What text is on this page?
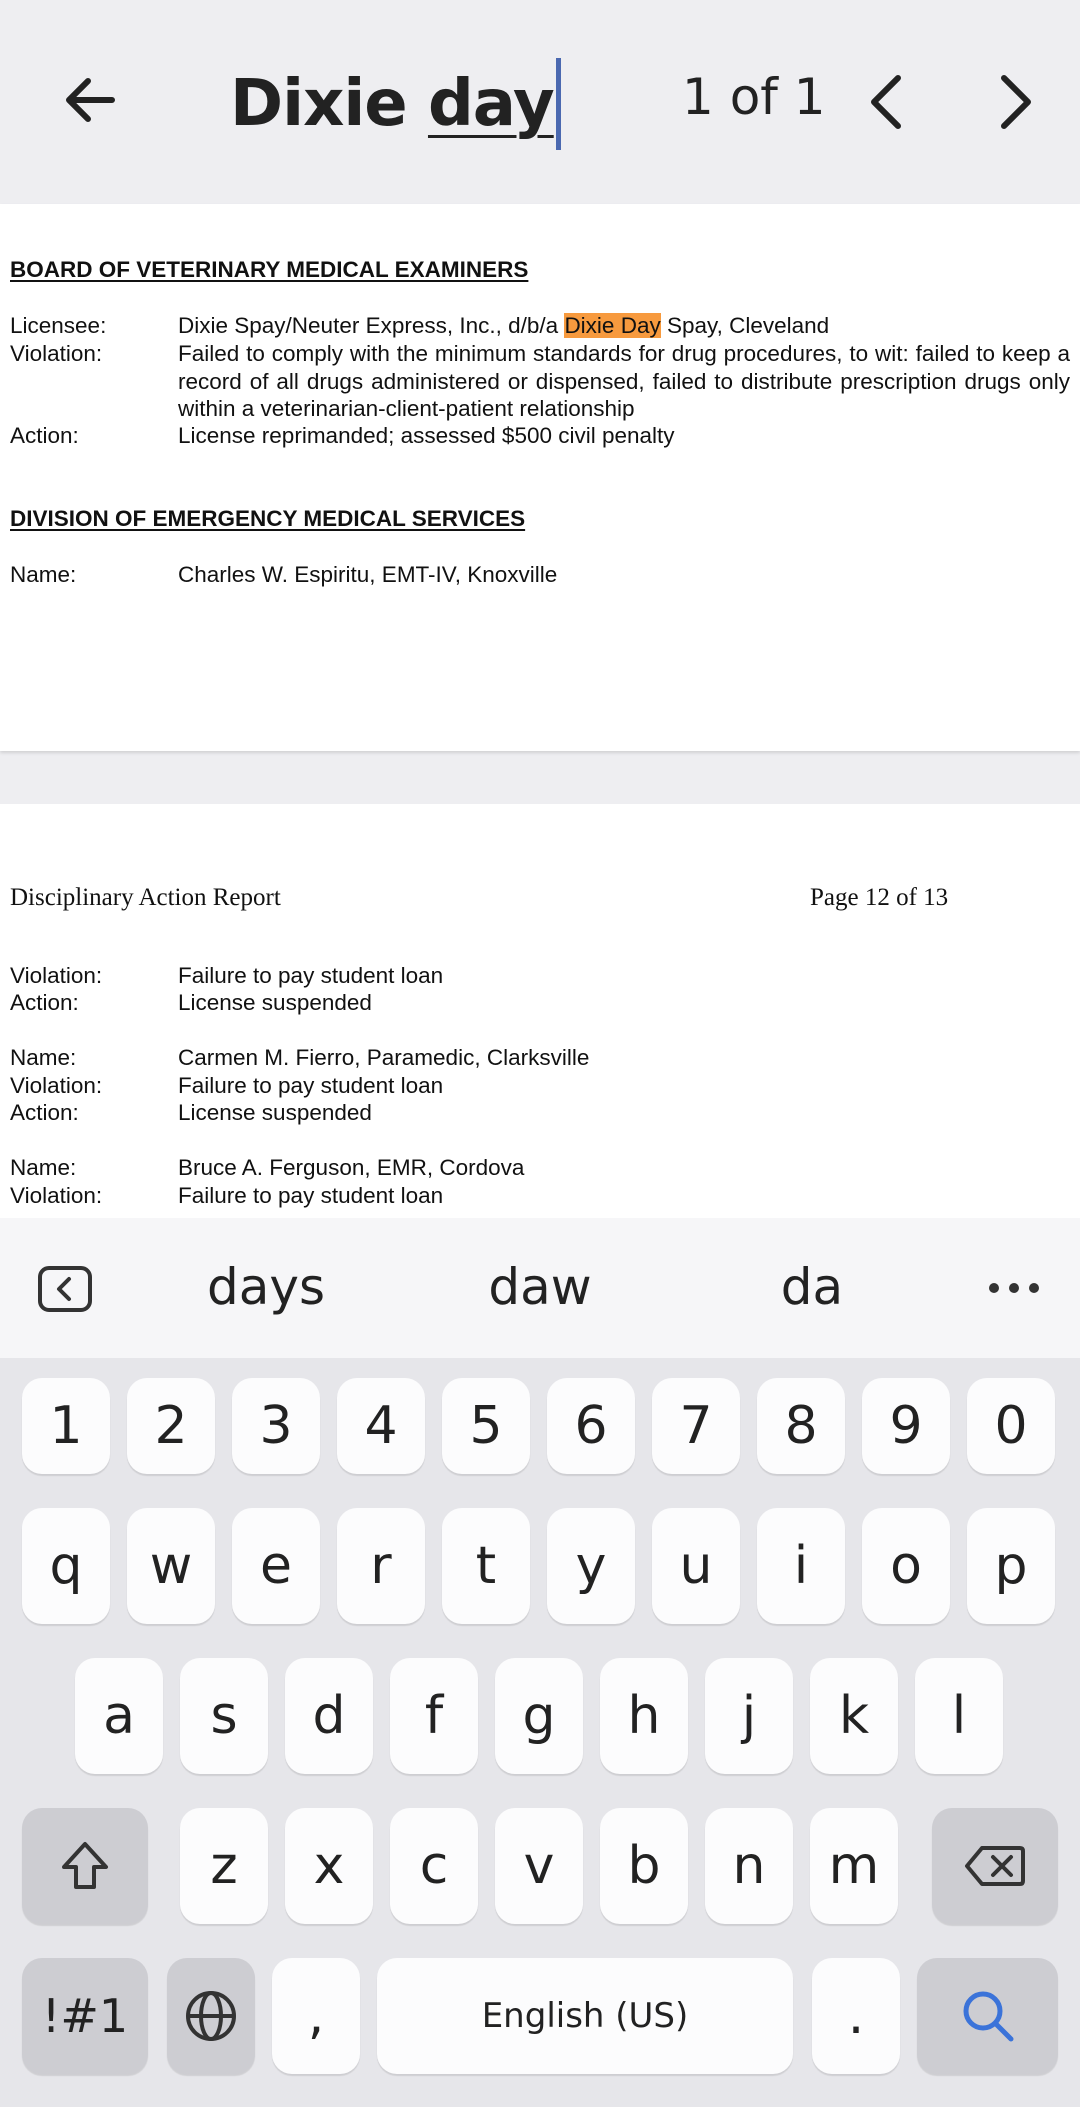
Dixie day	1 of 1
BOARD OF VETERINARY MEDICAL EXAMINERS
Licensee:	Dixie Spay/Neuter Express, Inc., d/b/a Dixie Day Spay, Cleveland
Violation:	Failed to comply with the minimum standards for drug procedures, to wit: failed to keep a record of all drugs administered or dispensed, failed to distribute prescription drugs only within a veterinarian-client-patient relationship
Action:	License reprimanded; assessed $500 civil penalty
DIVISION OF EMERGENCY MEDICAL SERVICES
Name:	Charles W. Espiritu, EMT-IV, Knoxville
Disciplinary Action Report	Page 12 of 13
Violation:	Failure to pay student loan
Action:	License suspended
Name:	Carmen M. Fierro, Paramedic, Clarksville
Violation:	Failure to pay student loan
Action:	License suspended
Name:	Bruce A. Ferguson, EMR, Cordova
Violation:	Failure to pay student loan
days	daw	da
1	2	3	4	5	6	7	8	9	0
q	w	e	r	t	y	u	i	o	p
a	s	d	f	g	h	j	k	l
z	x	c	v	b	n	m
!#1	,	English (US)	.
